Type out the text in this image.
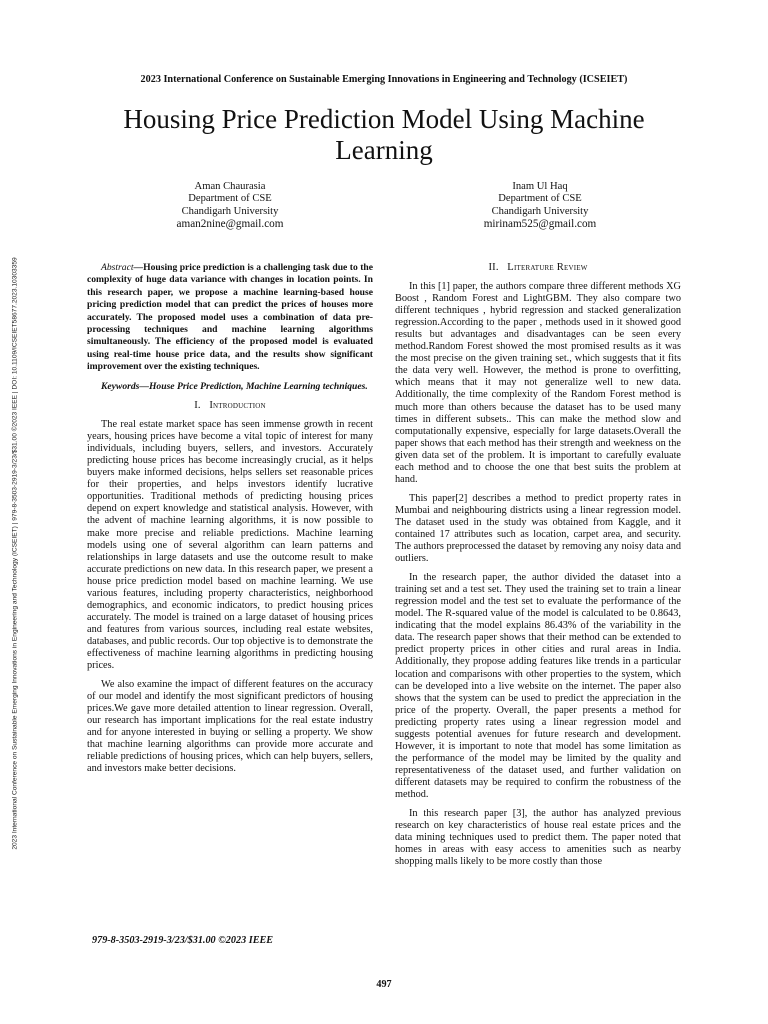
2023 International Conference on Sustainable Emerging Innovations in Engineering and Technology (ICSEIET) | 979-8-3503-2919-3/23/$31.00 ©2023 IEEE | DOI: 10.1109/ICSEIET58677.2023.10303359
2023 International Conference on Sustainable Emerging Innovations in Engineering and Technology (ICSEIET)
Housing Price Prediction Model Using Machine Learning
Aman Chaurasia
Department of CSE
Chandigarh University
aman2nine@gmail.com
Inam Ul Haq
Department of CSE
Chandigarh University
mirinam525@gmail.com

Abstract—Housing price prediction is a challenging task due to the complexity of huge data variance with changes in location points. In this research paper, we propose a machine learning-based house pricing prediction model that can predict the prices of houses more accurately. The proposed model uses a combination of data pre-processing techniques and machine learning algorithms simultaneously. The efficiency of the proposed model is evaluated using real-time house price data, and the results show significant improvement over the existing techniques.

Keywords—House Price Prediction, Machine Learning techniques.

I. Introduction

The real estate market space has seen immense growth in recent years, housing prices have become a vital topic of interest for many individuals, including buyers, sellers, and investors. Accurately predicting house prices has become increasingly crucial, as it helps buyers make informed decisions, helps sellers set reasonable prices for their properties, and helps investors identify lucrative opportunities. Traditional methods of predicting housing prices depend on expert knowledge and statistical analysis. However, with the advent of machine learning algorithms, it is now possible to make more precise and reliable predictions. Machine learning models using one of several algorithm can learn patterns and relationships in large datasets and use the outcome result to make accurate predictions on new data. In this research paper, we present a house price prediction model based on machine learning. We use various features, including property characteristics, neighborhood demographics, and economic indicators, to predict housing prices accurately. The model is trained on a large dataset of housing prices and features from various sources, including real estate websites, databases, and public records. Our top objective is to demonstrate the effectiveness of machine learning algorithms in predicting housing prices.

We also examine the impact of different features on the accuracy of our model and identify the most significant predictors of housing prices.We gave more detailed attention to linear regression. Overall, our research has important implications for the real estate industry and for anyone interested in buying or selling a property. We show that machine learning algorithms can provide more accurate and reliable predictions of housing prices, which can help buyers, sellers, and investors make better decisions.

II. Literature Review

In this [1] paper, the authors compare three different methods XG Boost , Random Forest and LightGBM. They also compare two different techniques , hybrid regression and stacked generalization regression.According to the paper , methods used in it showed good results but advantages and disadvantages can be seen every method.Random Forest showed the most promised results as it was the most precise on the given training set., which suggests that it fits the data very well. However, the method is prone to overfitting, which means that it may not generalize well to new data. Additionally, the time complexity of the Random Forest method is much more than others because the dataset has to be used many times in different subsets.. This can make the method slow and computationally expensive, especially for large datasets.Overall the paper shows that each method has their strength and weekness on the given data set of the problem. It is important to carefully evaluate each method and to choose the one that best suits the problem at hand.

This paper[2] describes a method to predict property rates in Mumbai and neighbouring districts using a linear regression model. The dataset used in the study was obtained from Kaggle, and it contained 17 attributes such as location, carpet area, and security. The authors preprocessed the dataset by removing any noisy data and outliers.

In the research paper, the author divided the dataset into a training set and a test set. They used the training set to train a linear regression model and the test set to evaluate the performance of the model. The R-squared value of the model is calculated to be 0.8643, indicating that the model explains 86.43% of the variability in the data. The research paper shows that their method can be extended to predict property prices in other cities and rural areas in India. Additionally, they propose adding features like trends in a particular location and comparisons with other properties to the system, which can be developed into a live website on the internet. The paper also shows that the system can be used to predict the appreciation in the price of the property. Overall, the paper presents a method for predicting property rates using a linear regression model and suggests potential avenues for future research and development. However, it is important to note that model has some limitation as the performance of the model may be limited by the quality and representativeness of the dataset used, and further validation on different datasets may be required to confirm the robustness of the method.

In this research paper [3], the author has analyzed previous research on key characteristics of house real estate prices and the data mining techniques used to predict them. The paper noted that homes in areas with easy access to amenities such as nearby shopping malls likely to be more costly than those

979-8-3503-2919-3/23/$31.00 ©2023 IEEE
497
